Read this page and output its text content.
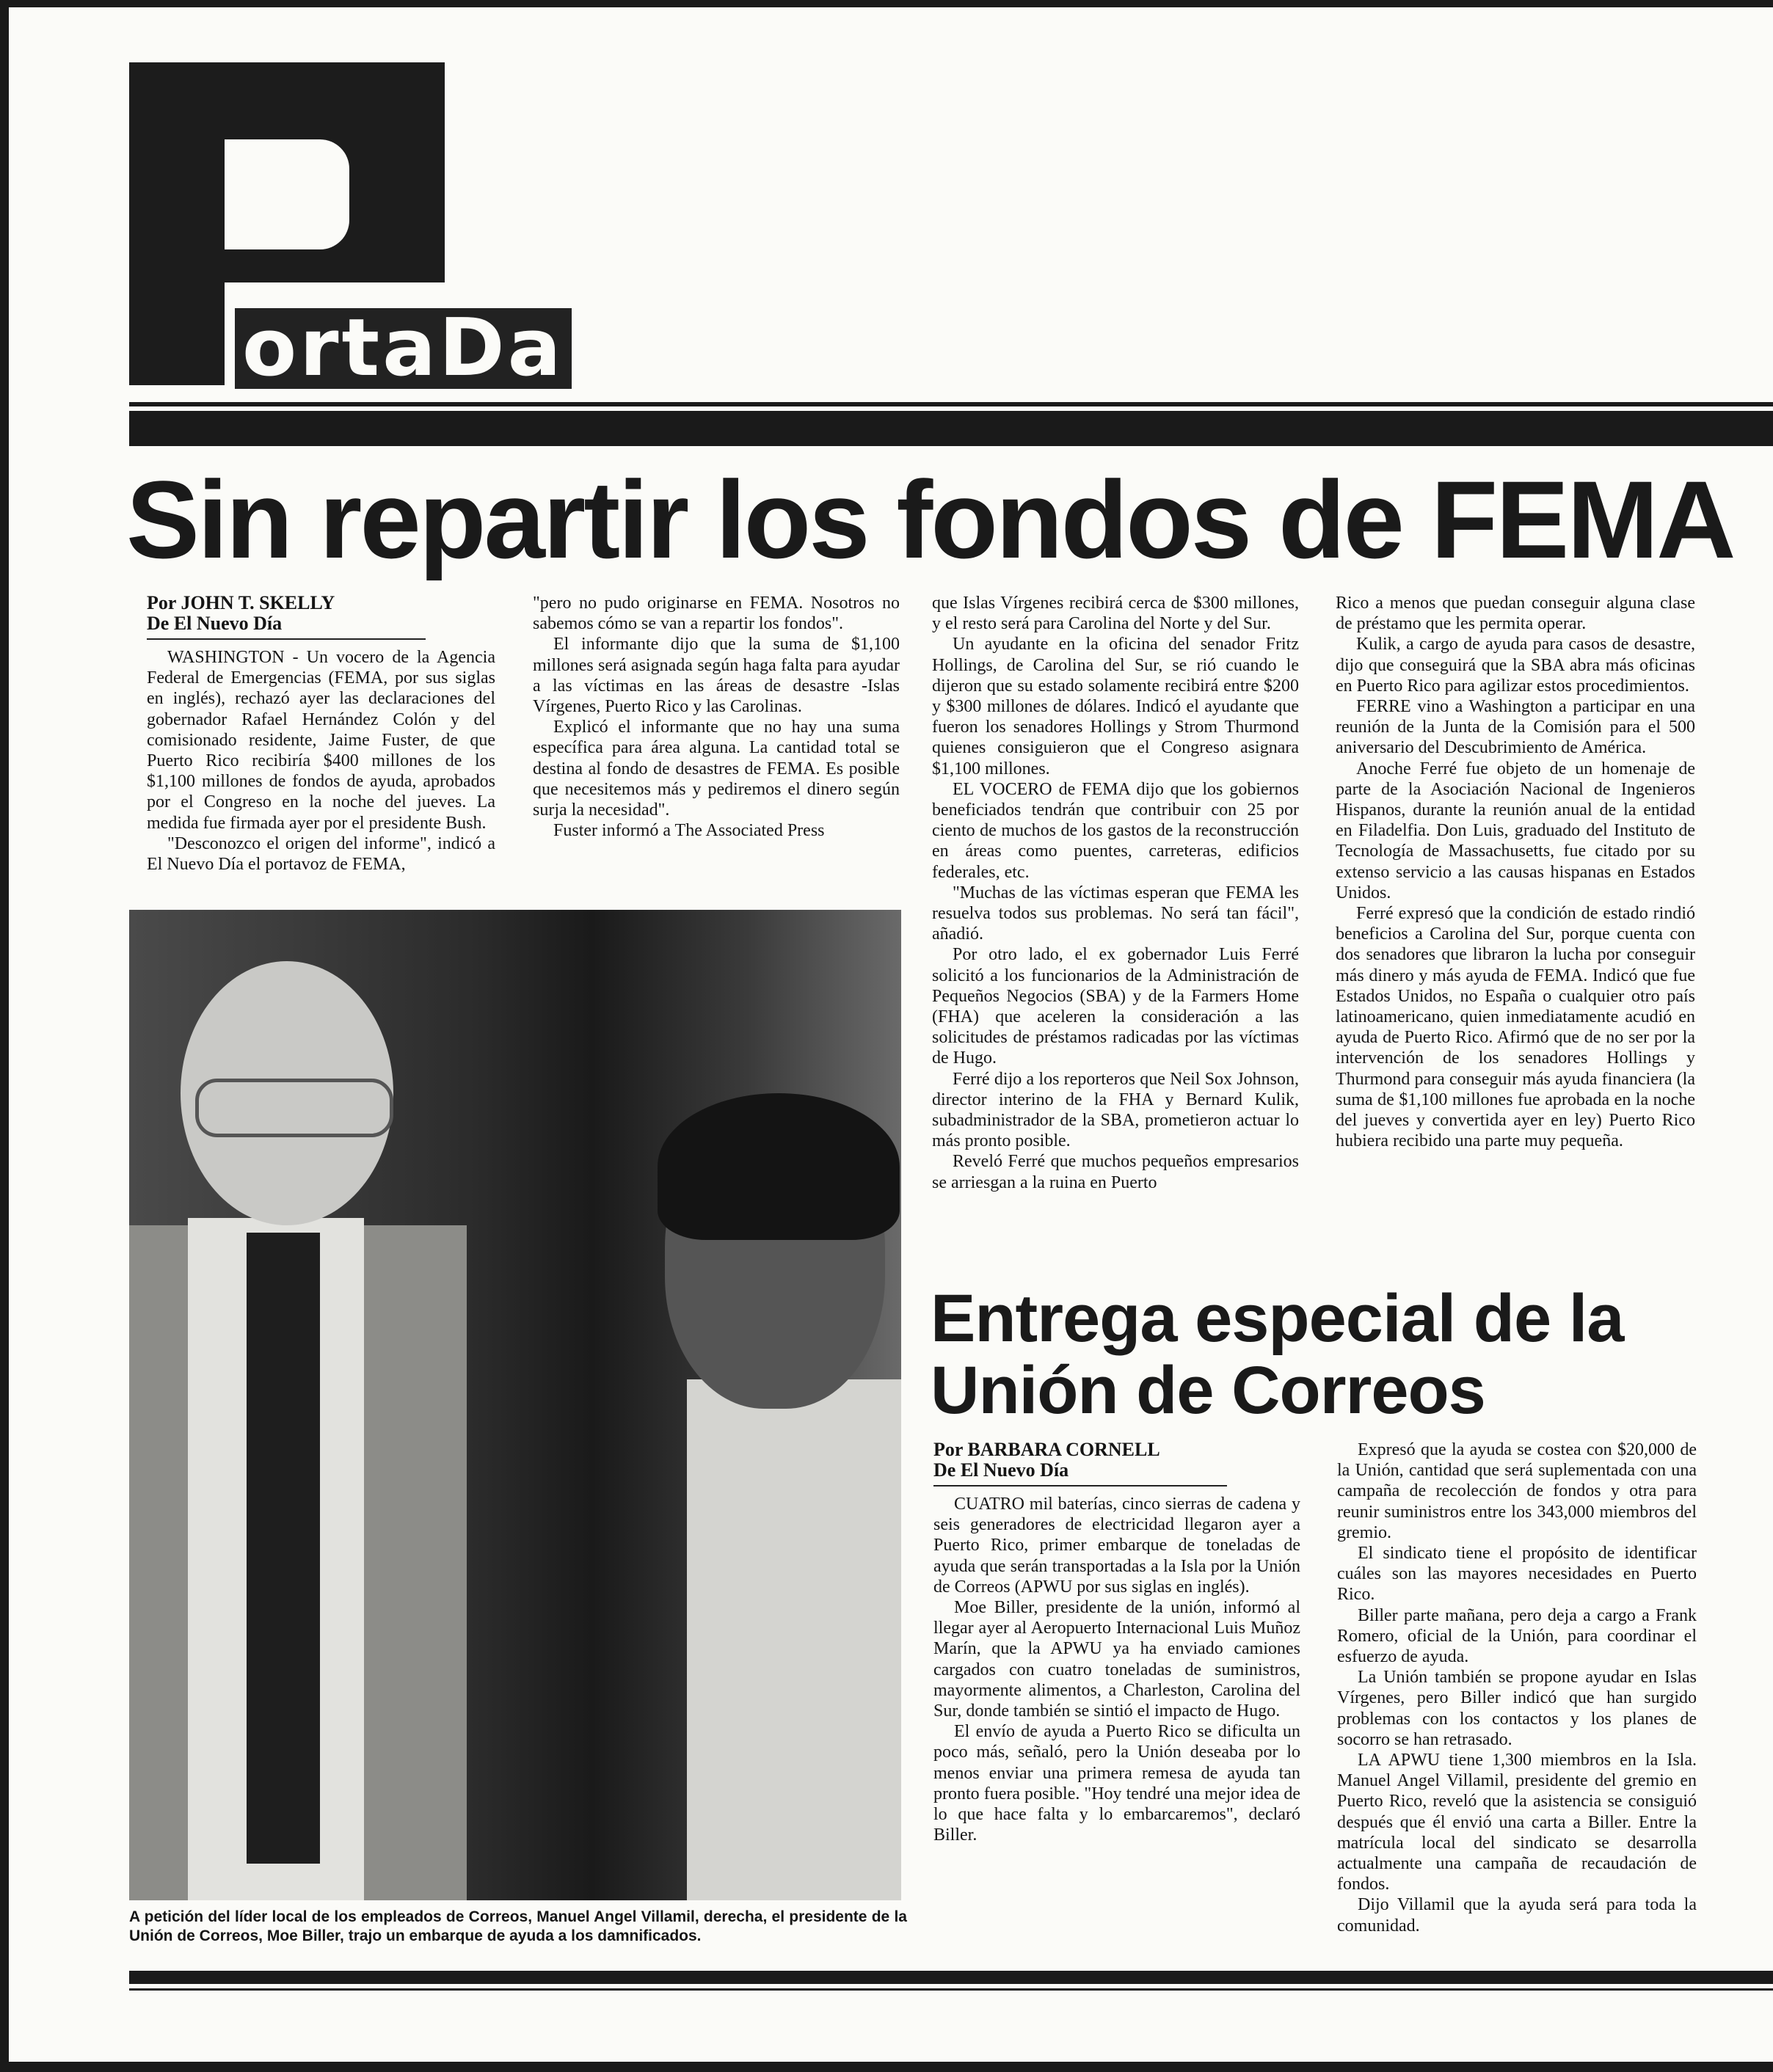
ortaDa
Sin repartir los fondos de FEMA
Por JOHN T. SKELLY
De El Nuevo Día

WASHINGTON - Un vocero de la Agencia Federal de Emergencias (FEMA, por sus siglas en inglés), rechazó ayer las declaraciones del gobernador Rafael Hernández Colón y del comisionado residente, Jaime Fuster, de que Puerto Rico recibiría $400 millones de los $1,100 millones de fondos de ayuda, aprobados por el Congreso en la noche del jueves. La medida fue firmada ayer por el presidente Bush.

"Desconozco el origen del informe", indicó a El Nuevo Día el portavoz de FEMA,

"pero no pudo originarse en FEMA. Nosotros no sabemos cómo se van a repartir los fondos".

El informante dijo que la suma de $1,100 millones será asignada según haga falta para ayudar a las víctimas en las áreas de desastre -Islas Vírgenes, Puerto Rico y las Carolinas.

Explicó el informante que no hay una suma específica para área alguna. La cantidad total se destina al fondo de desastres de FEMA. Es posible que necesitemos más y pediremos el dinero según surja la necesidad".

Fuster informó a The Associated Press

que Islas Vírgenes recibirá cerca de $300 millones, y el resto será para Carolina del Norte y del Sur.

Un ayudante en la oficina del senador Fritz Hollings, de Carolina del Sur, se rió cuando le dijeron que su estado solamente recibirá entre $200 y $300 millones de dólares. Indicó el ayudante que fueron los senadores Hollings y Strom Thurmond quienes consiguieron que el Congreso asignara $1,100 millones.

EL VOCERO de FEMA dijo que los gobiernos beneficiados tendrán que contribuir con 25 por ciento de muchos de los gastos de la reconstrucción en áreas como puentes, carreteras, edificios federales, etc.

"Muchas de las víctimas esperan que FEMA les resuelva todos sus problemas. No será tan fácil", añadió.

Por otro lado, el ex gobernador Luis Ferré solicitó a los funcionarios de la Administración de Pequeños Negocios (SBA) y de la Farmers Home (FHA) que aceleren la consideración a las solicitudes de préstamos radicadas por las víctimas de Hugo.

Ferré dijo a los reporteros que Neil Sox Johnson, director interino de la FHA y Bernard Kulik, subadministrador de la SBA, prometieron actuar lo más pronto posible.

Reveló Ferré que muchos pequeños empresarios se arriesgan a la ruina en Puerto

Rico a menos que puedan conseguir alguna clase de préstamo que les permita operar.

Kulik, a cargo de ayuda para casos de desastre, dijo que conseguirá que la SBA abra más oficinas en Puerto Rico para agilizar estos procedimientos.

FERRE vino a Washington a participar en una reunión de la Junta de la Comisión para el 500 aniversario del Descubrimiento de América.

Anoche Ferré fue objeto de un homenaje de parte de la Asociación Nacional de Ingenieros Hispanos, durante la reunión anual de la entidad en Filadelfia. Don Luis, graduado del Instituto de Tecnología de Massachusetts, fue citado por su extenso servicio a las causas hispanas en Estados Unidos.

Ferré expresó que la condición de estado rindió beneficios a Carolina del Sur, porque cuenta con dos senadores que libraron la lucha por conseguir más dinero y más ayuda de FEMA. Indicó que fue Estados Unidos, no España o cualquier otro país latinoamericano, quien inmediatamente acudió en ayuda de Puerto Rico. Afirmó que de no ser por la intervención de los senadores Hollings y Thurmond para conseguir más ayuda financiera (la suma de $1,100 millones fue aprobada en la noche del jueves y convertida ayer en ley) Puerto Rico hubiera recibido una parte muy pequeña.

A petición del líder local de los empleados de Correos, Manuel Angel Villamil, derecha, el presidente de la Unión de Correos, Moe Biller, trajo un embarque de ayuda a los damnificados.
Entrega especial de la Unión de Correos
Por BARBARA CORNELL
De El Nuevo Día

CUATRO mil baterías, cinco sierras de cadena y seis generadores de electricidad llegaron ayer a Puerto Rico, primer embarque de toneladas de ayuda que serán transportadas a la Isla por la Unión de Correos (APWU por sus siglas en inglés).

Moe Biller, presidente de la unión, informó al llegar ayer al Aeropuerto Internacional Luis Muñoz Marín, que la APWU ya ha enviado camiones cargados con cuatro toneladas de suministros, mayormente alimentos, a Charleston, Carolina del Sur, donde también se sintió el impacto de Hugo.

El envío de ayuda a Puerto Rico se dificulta un poco más, señaló, pero la Unión deseaba por lo menos enviar una primera remesa de ayuda tan pronto fuera posible. "Hoy tendré una mejor idea de lo que hace falta y lo embarcaremos", declaró Biller.

Expresó que la ayuda se costea con $20,000 de la Unión, cantidad que será suplementada con una campaña de recolección de fondos y otra para reunir suministros entre los 343,000 miembros del gremio.

El sindicato tiene el propósito de identificar cuáles son las mayores necesidades en Puerto Rico.

Biller parte mañana, pero deja a cargo a Frank Romero, oficial de la Unión, para coordinar el esfuerzo de ayuda.

La Unión también se propone ayudar en Islas Vírgenes, pero Biller indicó que han surgido problemas con los contactos y los planes de socorro se han retrasado.

LA APWU tiene 1,300 miembros en la Isla. Manuel Angel Villamil, presidente del gremio en Puerto Rico, reveló que la asistencia se consiguió después que él envió una carta a Biller. Entre la matrícula local del sindicato se desarrolla actualmente una campaña de recaudación de fondos.

Dijo Villamil que la ayuda será para toda la comunidad.
